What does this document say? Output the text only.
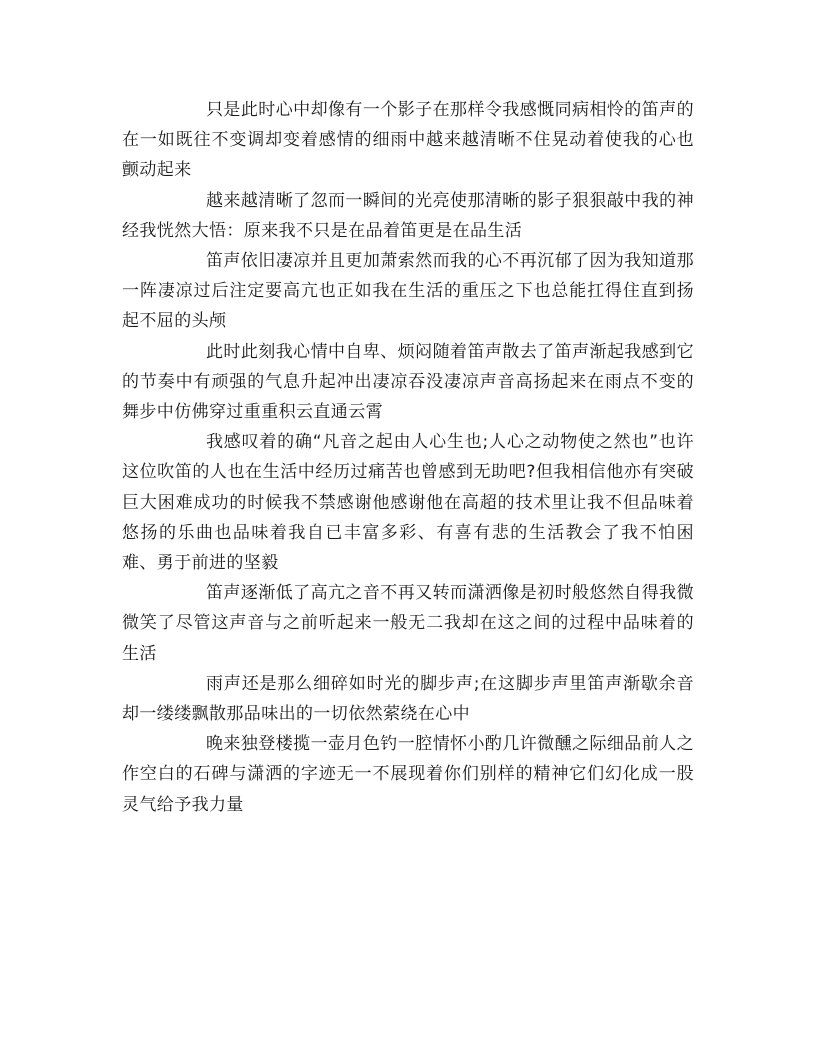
只是此时心中却像有一个影子在那样令我感慨同病相怜的笛声的在一如既往不变调却变着感情的细雨中越来越清晰不住晃动着使我的心也颤动起来

越来越清晰了忽而一瞬间的光亮使那清晰的影子狠狠敲中我的神经我恍然大悟：原来我不只是在品着笛更是在品生活

笛声依旧凄凉并且更加萧索然而我的心不再沉郁了因为我知道那一阵凄凉过后注定要高亢也正如我在生活的重压之下也总能扛得住直到扬起不屈的头颅

此时此刻我心情中自卑、烦闷随着笛声散去了笛声渐起我感到它的节奏中有顽强的气息升起冲出凄凉吞没凄凉声音高扬起来在雨点不变的舞步中仿佛穿过重重积云直通云霄

我感叹着的确“凡音之起由人心生也;人心之动物使之然也”也许这位吹笛的人也在生活中经历过痛苦也曾感到无助吧?但我相信他亦有突破巨大困难成功的时候我不禁感谢他感谢他在高超的技术里让我不但品味着悠扬的乐曲也品味着我自已丰富多彩、有喜有悲的生活教会了我不怕困难、勇于前进的坚毅

笛声逐渐低了高亢之音不再又转而潇洒像是初时般悠然自得我微微笑了尽管这声音与之前听起来一般无二我却在这之间的过程中品味着的生活

雨声还是那么细碎如时光的脚步声;在这脚步声里笛声渐歇余音却一缕缕飘散那品味出的一切依然萦绕在心中

晚来独登楼揽一壶月色钓一腔情怀小酌几许微醺之际细品前人之作空白的石碑与潇洒的字迹无一不展现着你们别样的精神它们幻化成一股灵气给予我力量
